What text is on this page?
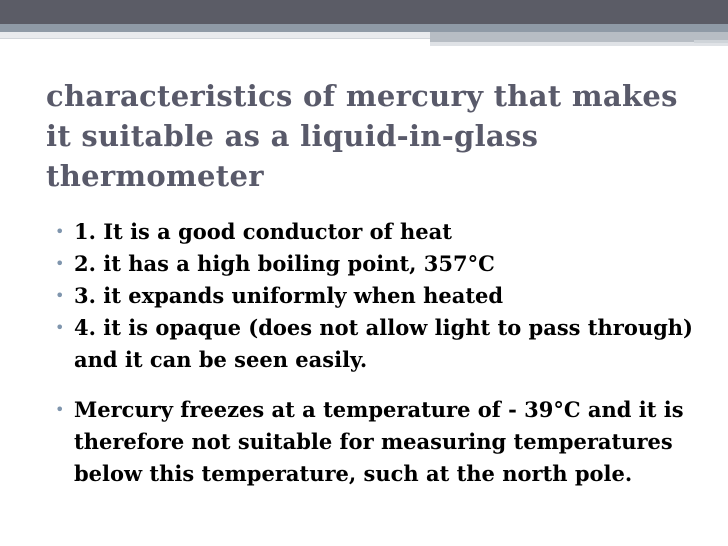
characteristics of mercury that makes it suitable as a liquid-in-glass thermometer
• 1. It is a good conductor of heat
• 2. it has a high boiling point, 357°C
• 3. it expands uniformly when heated
• 4. it is opaque (does not allow light to pass through) and it can be seen easily.
• Mercury freezes at a temperature of - 39°C and it is therefore not suitable for measuring temperatures below this temperature, such at the north pole.
